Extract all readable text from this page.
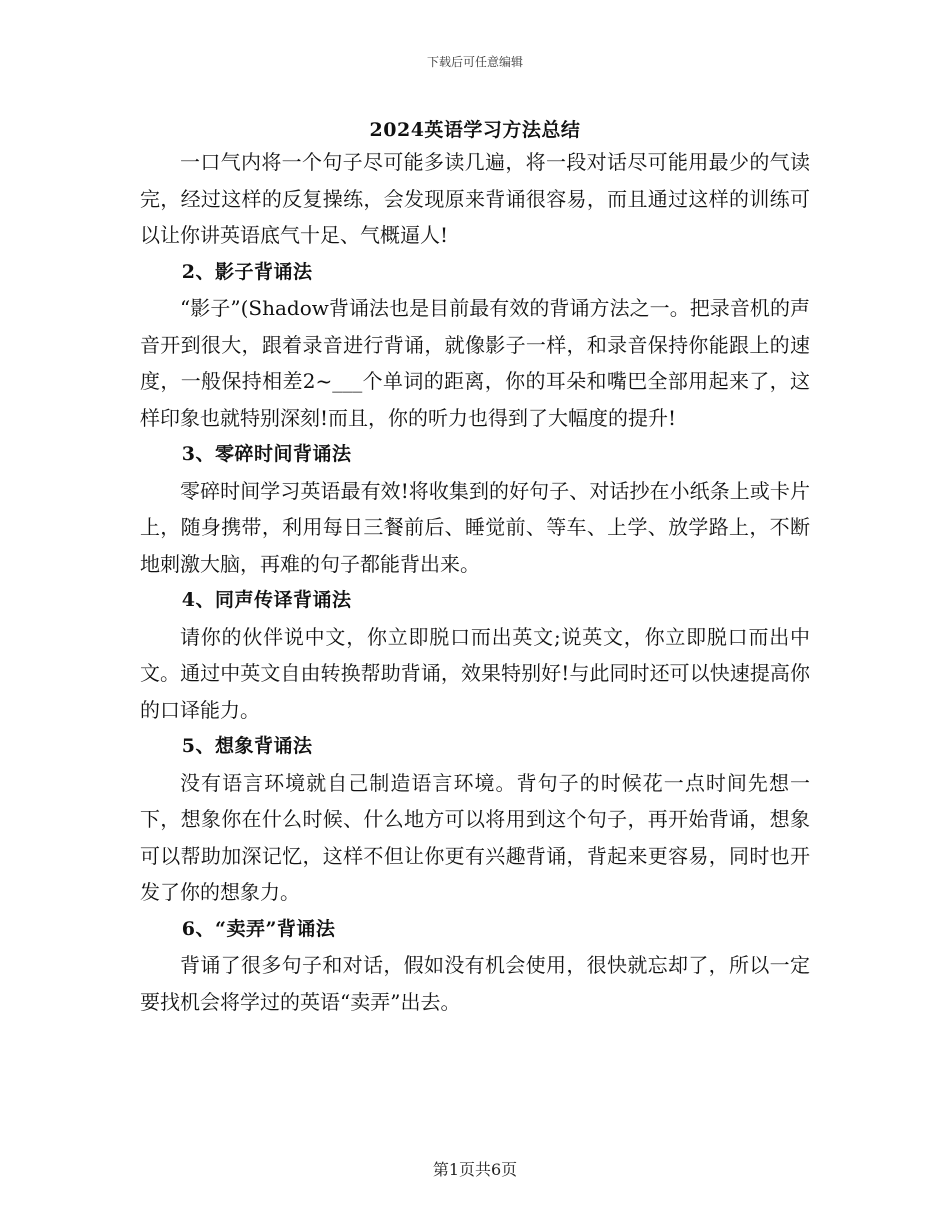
下载后可任意编辑
2024英语学习方法总结

一口气内将一个句子尽可能多读几遍，将一段对话尽可能用最少的气读完，经过这样的反复操练，会发现原来背诵很容易，而且通过这样的训练可以让你讲英语底气十足、气概逼人!

2、影子背诵法

“影子”(Shadow背诵法也是目前最有效的背诵方法之一。把录音机的声音开到很大，跟着录音进行背诵，就像影子一样，和录音保持你能跟上的速度，一般保持相差2~___个单词的距离，你的耳朵和嘴巴全部用起来了，这样印象也就特别深刻!而且，你的听力也得到了大幅度的提升!

3、零碎时间背诵法

零碎时间学习英语最有效!将收集到的好句子、对话抄在小纸条上或卡片上，随身携带，利用每日三餐前后、睡觉前、等车、上学、放学路上，不断地刺激大脑，再难的句子都能背出来。

4、同声传译背诵法

请你的伙伴说中文，你立即脱口而出英文;说英文，你立即脱口而出中文。通过中英文自由转换帮助背诵，效果特别好!与此同时还可以快速提高你的口译能力。

5、想象背诵法

没有语言环境就自己制造语言环境。背句子的时候花一点时间先想一下，想象你在什么时候、什么地方可以将用到这个句子，再开始背诵，想象可以帮助加深记忆，这样不但让你更有兴趣背诵，背起来更容易，同时也开发了你的想象力。

6、“卖弄”背诵法

背诵了很多句子和对话，假如没有机会使用，很快就忘却了，所以一定要找机会将学过的英语“卖弄”出去。

第1页共6页
